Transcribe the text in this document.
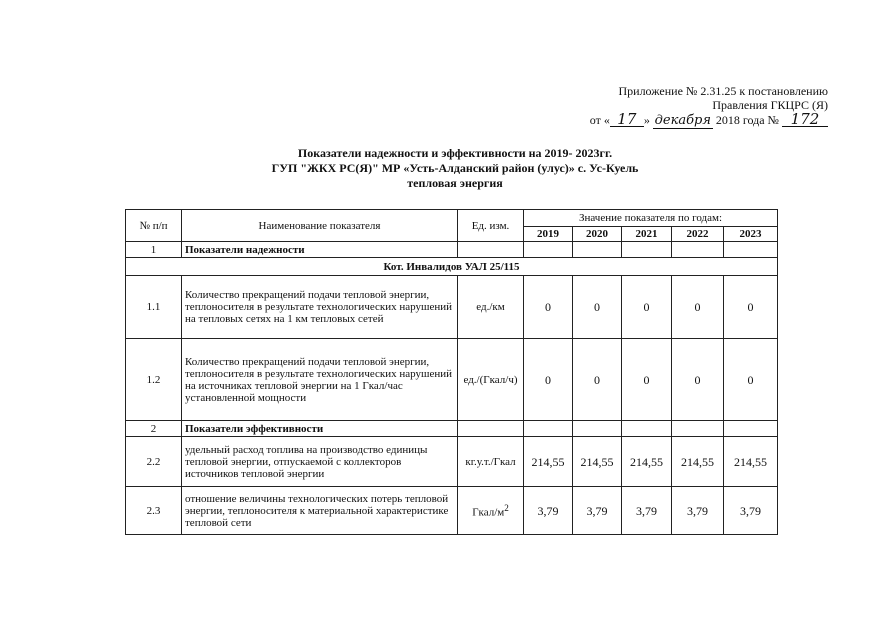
Приложение № 2.31.25 к постановлению
Правления ГКЦРС (Я)
от « 17 » декабря 2018 года № 172
Показатели надежности и эффективности на 2019- 2023гг.
ГУП "ЖКХ РС(Я)" МР «Усть-Алданский район (улус)» с. Ус-Куель
тепловая энергия
№ п/п	Наименование показателя	Ед. изм.	Значение показателя по годам:				
			2019	2020	2021	2022	2023
1	Показатели надежности						
Кот. Инвалидов УАЛ 25/115							
1.1	Количество прекращений подачи тепловой энергии, теплоносителя в результате технологических нарушений на тепловых сетях на 1 км тепловых сетей	ед./км	0	0	0	0	0
1.2	Количество прекращений подачи тепловой энергии, теплоносителя в результате технологических нарушений на источниках тепловой энергии на 1 Гкал/час установленной мощности	ед./(Гкал/ч)	0	0	0	0	0
2	Показатели эффективности						
2.2	удельный расход топлива на производство единицы тепловой энергии, отпускаемой с коллекторов источников тепловой энергии	кг.у.т./Гкал	214,55	214,55	214,55	214,55	214,55
2.3	отношение величины технологических потерь тепловой энергии, теплоносителя к материальной характеристике тепловой сети	Гкал/$м^2$	3,79	3,79	3,79	3,79	3,79
